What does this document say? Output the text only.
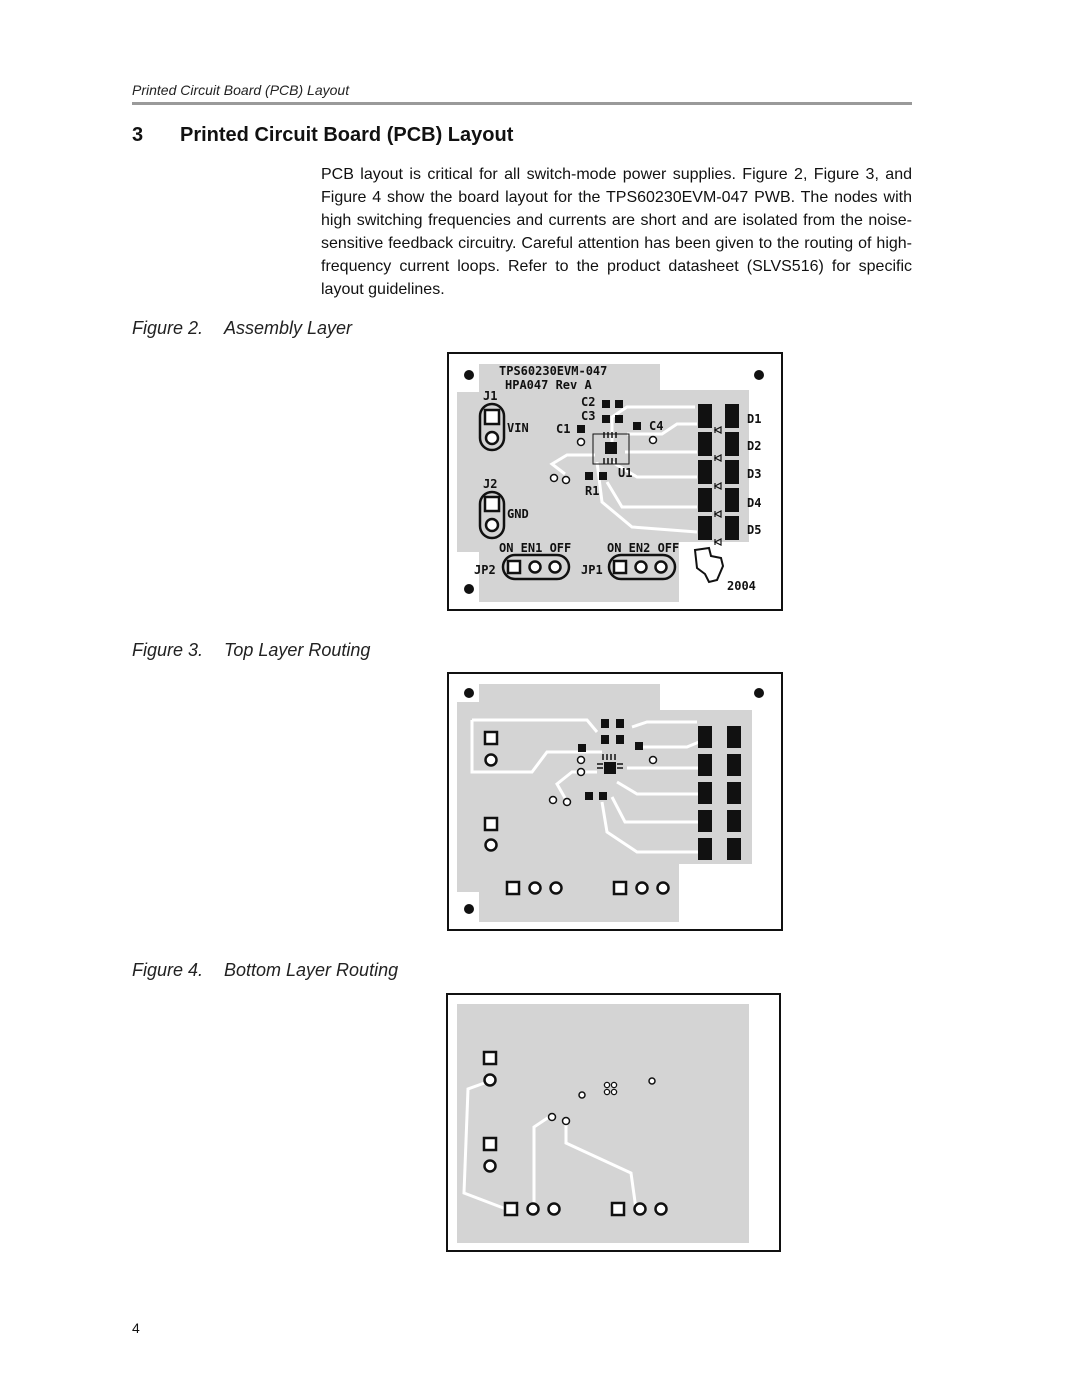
Printed Circuit Board (PCB) Layout
3 Printed Circuit Board (PCB) Layout

PCB layout is critical for all switch-mode power supplies. Figure 2, Figure 3, and Figure 4 show the board layout for the TPS60230EVM-047 PWB. The nodes with high switching frequencies and currents are short and are isolated from the noise-sensitive feedback circuitry. Careful attention has been given to the routing of high-frequency current loops. Refer to the product datasheet (SLVS516) for specific layout guidelines.

Figure 2. Assembly Layer
TPS60230EVM-047
HPA047 Rev A
J1
VIN
C2
C3
C1	C4
U1
R1
D1
D2
D3
D4
D5
J2
GND
ON EN1 OFF	ON EN2 OFF
JP2	JP1
2004
Figure 3. Top Layer Routing
Figure 4. Bottom Layer Routing
4
